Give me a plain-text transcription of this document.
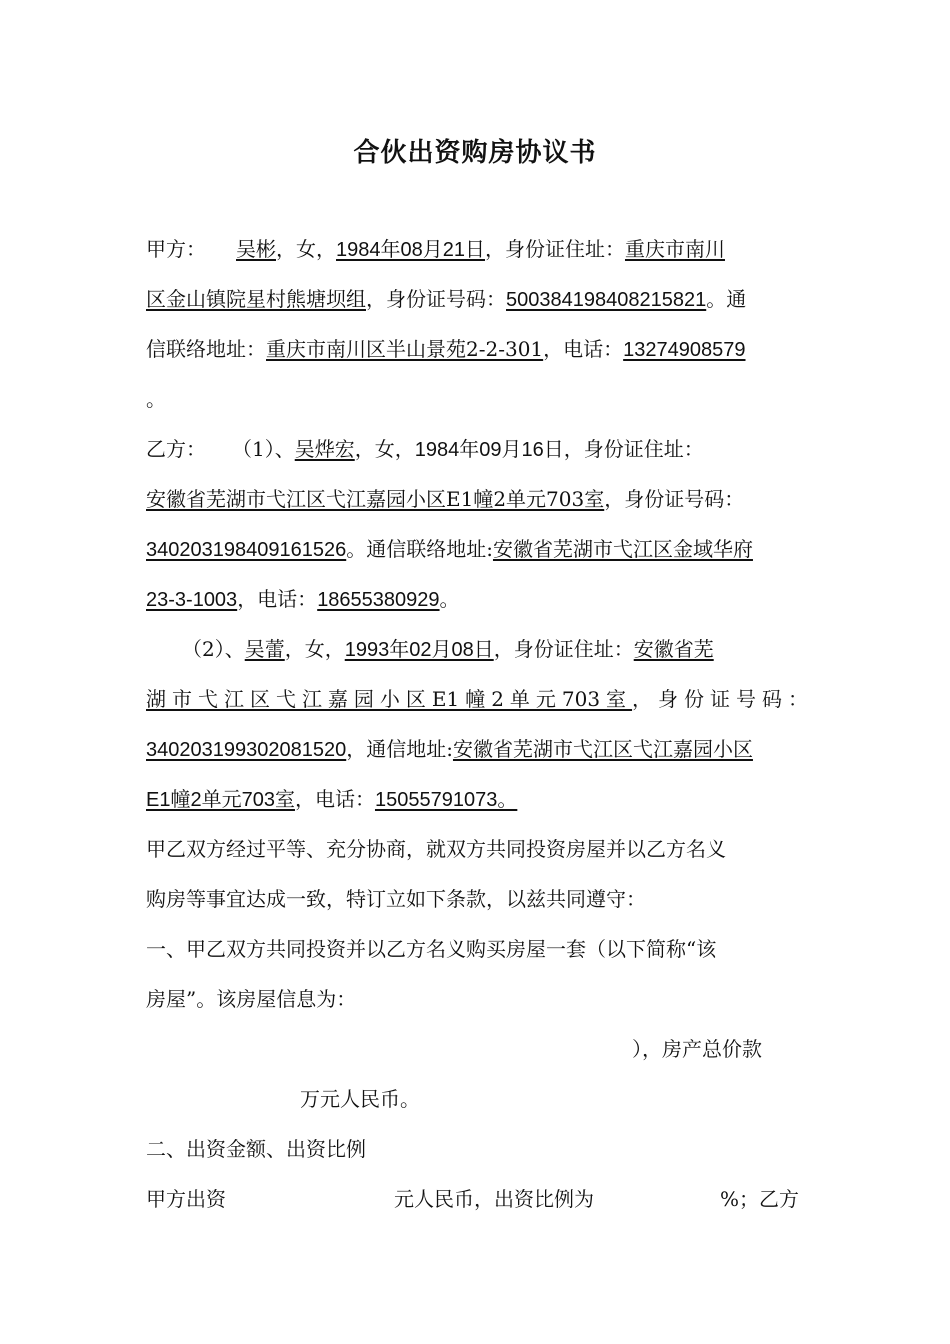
合伙出资购房协议书
甲方： 吴彬，女，1984年08月21日，身份证住址：重庆市南川
区金山镇院星村熊塘坝组，身份证号码：500384198408215821。通
信联络地址：重庆市南川区半山景苑2-2-301，电话：13274908579
。
乙方： （1）、吴烨宏，女，1984年09月16日，身份证住址：
安徽省芜湖市弋江区弋江嘉园小区E1幢2单元703室，身份证号码：
340203198409161526。通信联络地址:安徽省芜湖市弋江区金域华府
23-3-1003，电话：18655380929。
（2）、吴蕾，女，1993年02月08日，身份证住址：安徽省芜
湖市弋江区弋江嘉园小区E1幢2单元703室，身份证号码：
340203199302081520，通信地址:安徽省芜湖市弋江区弋江嘉园小区
E1幢2单元703室，电话：15055791073。
甲乙双方经过平等、充分协商，就双方共同投资房屋并以乙方名义
购房等事宜达成一致，特订立如下条款，以兹共同遵守：
一、甲乙双方共同投资并以乙方名义购买房屋一套（以下简称“该
房屋”。该房屋信息为：
），房产总价款
万元人民币。
二、出资金额、出资比例
甲方出资	元人民币，出资比例为	%；乙方
